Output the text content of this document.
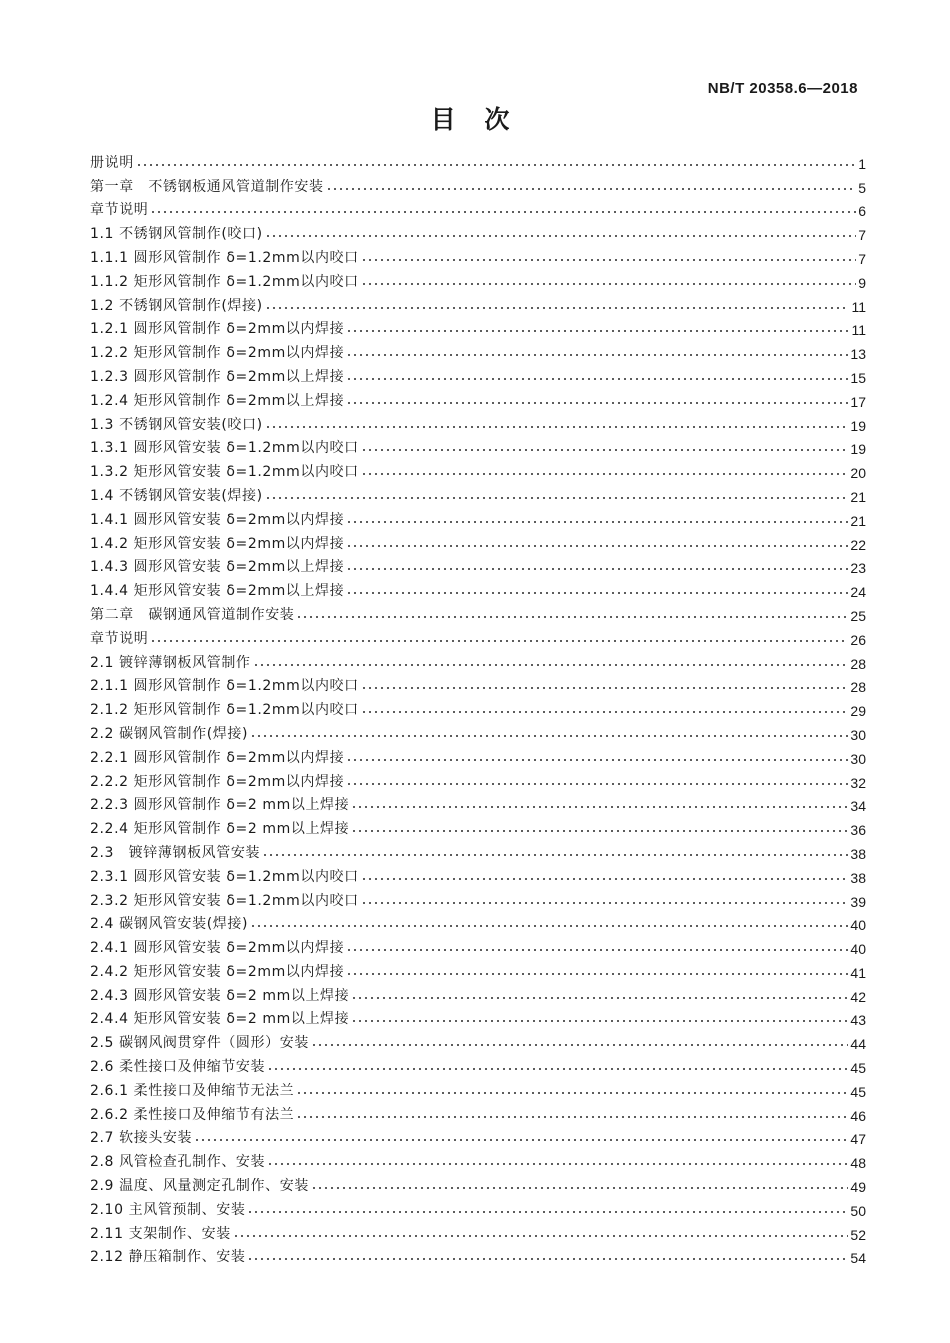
NB/T 20358.6—2018
目 次
册说明	1
第一章　不锈钢板通风管道制作安装	5
章节说明	6
1.1 不锈钢风管制作(咬口)	7
1.1.1 圆形风管制作 δ=1.2mm以内咬口	7
1.1.2 矩形风管制作 δ=1.2mm以内咬口	9
1.2 不锈钢风管制作(焊接)	11
1.2.1 圆形风管制作 δ=2mm以内焊接	11
1.2.2 矩形风管制作 δ=2mm以内焊接	13
1.2.3 圆形风管制作 δ=2mm以上焊接	15
1.2.4 矩形风管制作 δ=2mm以上焊接	17
1.3 不锈钢风管安装(咬口)	19
1.3.1 圆形风管安装 δ=1.2mm以内咬口	19
1.3.2 矩形风管安装 δ=1.2mm以内咬口	20
1.4 不锈钢风管安装(焊接)	21
1.4.1 圆形风管安装 δ=2mm以内焊接	21
1.4.2 矩形风管安装 δ=2mm以内焊接	22
1.4.3 圆形风管安装 δ=2mm以上焊接	23
1.4.4 矩形风管安装 δ=2mm以上焊接	24
第二章　碳钢通风管道制作安装	25
章节说明	26
2.1 镀锌薄钢板风管制作	28
2.1.1 圆形风管制作 δ=1.2mm以内咬口	28
2.1.2 矩形风管制作 δ=1.2mm以内咬口	29
2.2 碳钢风管制作(焊接)	30
2.2.1 圆形风管制作 δ=2mm以内焊接	30
2.2.2 矩形风管制作 δ=2mm以内焊接	32
2.2.3 圆形风管制作 δ=2 mm以上焊接	34
2.2.4 矩形风管制作 δ=2 mm以上焊接	36
2.3　镀锌薄钢板风管安装	38
2.3.1 圆形风管安装 δ=1.2mm以内咬口	38
2.3.2 矩形风管安装 δ=1.2mm以内咬口	39
2.4 碳钢风管安装(焊接)	40
2.4.1 圆形风管安装 δ=2mm以内焊接	40
2.4.2 矩形风管安装 δ=2mm以内焊接	41
2.4.3 圆形风管安装 δ=2 mm以上焊接	42
2.4.4 矩形风管安装 δ=2 mm以上焊接	43
2.5 碳钢风阀贯穿件（圆形）安装	44
2.6 柔性接口及伸缩节安装	45
2.6.1 柔性接口及伸缩节无法兰	45
2.6.2 柔性接口及伸缩节有法兰	46
2.7 软接头安装	47
2.8 风管检查孔制作、安装	48
2.9 温度、风量测定孔制作、安装	49
2.10 主风管预制、安装	50
2.11 支架制作、安装	52
2.12 静压箱制作、安装	54
